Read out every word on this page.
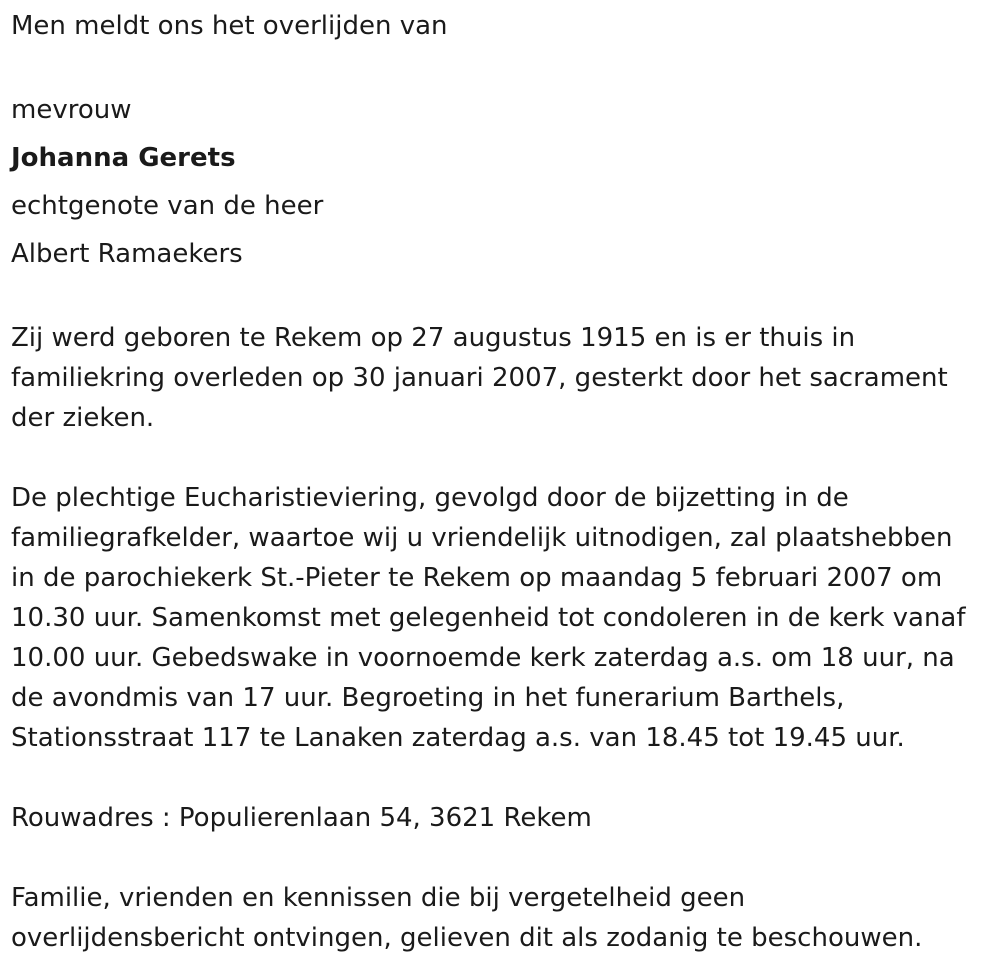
Men meldt ons het overlijden van

mevrouw

Johanna Gerets

echtgenote van de heer

Albert Ramaekers

Zij werd geboren te Rekem op 27 augustus 1915 en is er thuis in

familiekring overleden op 30 januari 2007, gesterkt door het sacrament

der zieken.

De plechtige Eucharistieviering, gevolgd door de bijzetting in de

familiegrafkelder, waartoe wij u vriendelijk uitnodigen, zal plaatshebben

in de parochiekerk St.-Pieter te Rekem op maandag 5 februari 2007 om

10.30 uur. Samenkomst met gelegenheid tot condoleren in de kerk vanaf

10.00 uur. Gebedswake in voornoemde kerk zaterdag a.s. om 18 uur, na

de avondmis van 17 uur. Begroeting in het funerarium Barthels,

Stationsstraat 117 te Lanaken zaterdag a.s. van 18.45 tot 19.45 uur.

Rouwadres : Populierenlaan 54, 3621 Rekem

Familie, vrienden en kennissen die bij vergetelheid geen

overlijdensbericht ontvingen, gelieven dit als zodanig te beschouwen.
